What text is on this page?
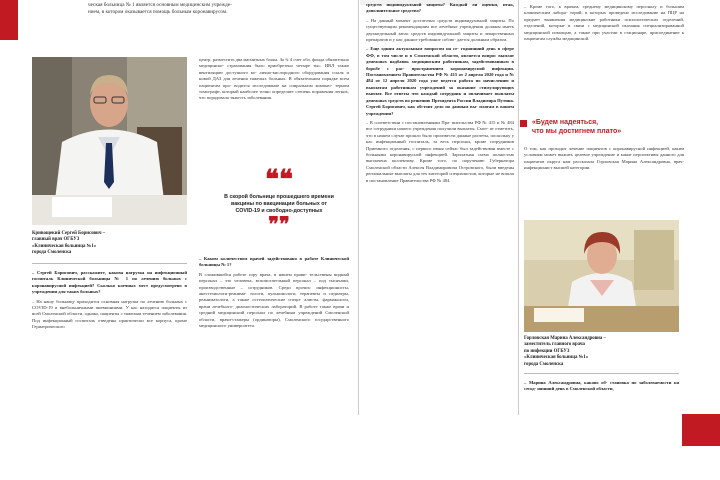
ческая больница № 1 является основным медицинским учрежде-
нием, в котором оказывается помощь больным коронавирусом.
Кривощекий Сергей Борисович –
главный врач ОГБУЗ
«Клиническая больница №1»
города Смоленска

– Сергей Борисович, расскажите, какова нагрузка на инфекционный госпиталь Клинической больницы № 1 по лечению больных с коронавирусной инфекцией? Сколько коечных мест предусмотрено в учреждении для таких больных?

– На нашу больницу приходится основная нагрузка по лечению больных с COVID-19 и внебольничными пневмониями. У нас находятся пациенты из всей Смоленской области, однако, пациенты с тяжелым течением заболевания. Под инфекционный госпиталь отведены практически все корпуса, кроме Гериатрического

центр, разместить два магнитных блока. За ¾ 4 счет обл. фонда обязательно медицинско- страхования было приобретено четыре тыс. ИВЛ также вентиляцию доступного ко- лично-кислородного оборудования ссылк и новой ДАЗ для лечения тяжелых больных. В обязательном порядке всем пациентам про- водится исследование на спиральном компью- терном томографе, который наиболее точно определяет степень поражения легких, что порадовало тяжесть заболевания.

❝❝
В скорой больнице прошедшего времени вакцины по вакцинации больных от COVID-19 и свободно-доступных
❞❞

– Каким количеством врачей задействовано в работе Клинической больницы № 1?

В сложившейся работе гору врача, в нашем прави- тельствены видный персонал – это человека, вспомогательный персонал – под тысячами, производственные – сотрудников. Среди прочих: инфекционисты, анестезиологи-реанима- тологи, пульмонологи, терапевты и педиатры, реаниматологи, а также остеопатические специ- алисты, фармакологи, врачи лечебного- диагностических лабораторий. В работе также врачи и средний медицинский персонал по лечебным учреждений Смоленской области, врачи-стажеры (ординаторы), Смоленского государственного медицинского университета.

средств индивидуальной защиты? Каждый ли оценки, итак, дополнительное средство?

– На данный момент достаточно средств индивидуальной защиты. По существующим рекомендациям все лечебные учреждения должны иметь двухнедельный запас средств индивидуальной защиты и лекарственных препаратов и у нас данное требование соблю- дается должным образом.

– Еще одним актуальным вопросом на се- годняшний день в сфере ФФ, в том числе и в Смоленской области, является вопрос выплат денежных надбавок медицинским работникам, задействованным в борьбе с рас- пространением коронавирусной инфекции. Постановлением Правительства РФ № 415 от 2 апреля 2020 года и № 484 от 12 апреля 2020 года уже ведется работа по начислению и выплатам работникам учреждений за оказание стимулирующих выплат. Все ответы что каждый сотрудник и оплачивает выплаты денежных средств по решению Президента России Владимира Путина. Сергей Борисович, как обстоит дело по данным вы- платам в вашем учреждении?

– В соответствии с постановлениями Пра- вительства РФ № 415 и № 484 все сотрудники нашего учреждения получили выплаты. Смот- ят отметить, что в нашем случае прошло было произвести данные расчеты, поскольку у нас инфекционный госпиталь, за весь персонал, кроме сотрудников Приемного отделения, с первого июня сейчас был задействован вместе с больными коронавирусной инфекцией. Зарплатная схема полностью выплачена коллективу. Кроме того, по поручению Губернатора Смоленской области Алексея Владимировича Островского, были введены региональные выплаты для тех категорий специалистов, которые не вошли в постановление Правительства РФ № 484.

– Кроме того, к врачам, среднему медицинскому персоналу и большим клиническим лабора- торий, в которых проведено исследование на ПЦР на предмет выявления медицинские работники психологических отделений, отделений, которые в связи с медицинской оказания специализированной медицинской помощью, а также при участии в стационаре, присоединение к пациентам службы медицинской.

«Будем надеяться,
что мы достигнем плато»

О том, как проходит лечение пациентов с коронавирусной инфекцией, каким условиям может выжить целевое учреждение и какие перспективы данного для пациентов округа нам рассказала Горловская Марина Александровна, врач-инфекционист высшей категории.

Горловская Марина Александровна –
заместитель главного врача
по инфекции ОГБУЗ
«Клиническая больница №1»
города Смоленска

– Марина Александровна, каково об- становка по заболеваемости на сегод- няшний день в Смоленской области,
